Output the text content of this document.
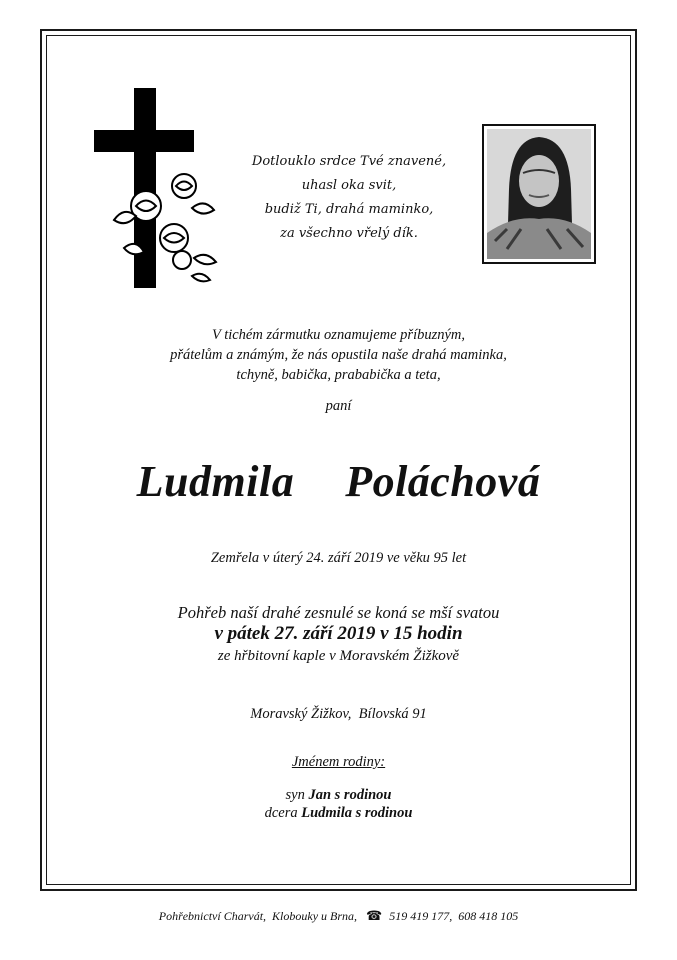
Dotlouklo srdce Tvé znavené,
uhasl oka svit,
budiž Ti, drahá maminko,
za všechno vřelý dík.
V tichém zármutku oznamujeme příbuzným,
přátelům a známým, že nás opustila naše drahá maminka,
tchyně, babička, prababička a teta,
paní
Ludmila  Poláchová
Zemřela v úterý 24. září 2019 ve věku 95 let
Pohřeb naší drahé zesnulé se koná se mší svatou
v pátek 27. září 2019 v 15 hodin
ze hřbitovní kaple v Moravském Žižkově
Moravský Žižkov,  Bílovská 91
Jménem rodiny:
syn Jan s rodinou
dcera Ludmila s rodinou
Pohřebnictví Charvát,  Klobouky u Brna, ☎ 519 419 177,  608 418 105
